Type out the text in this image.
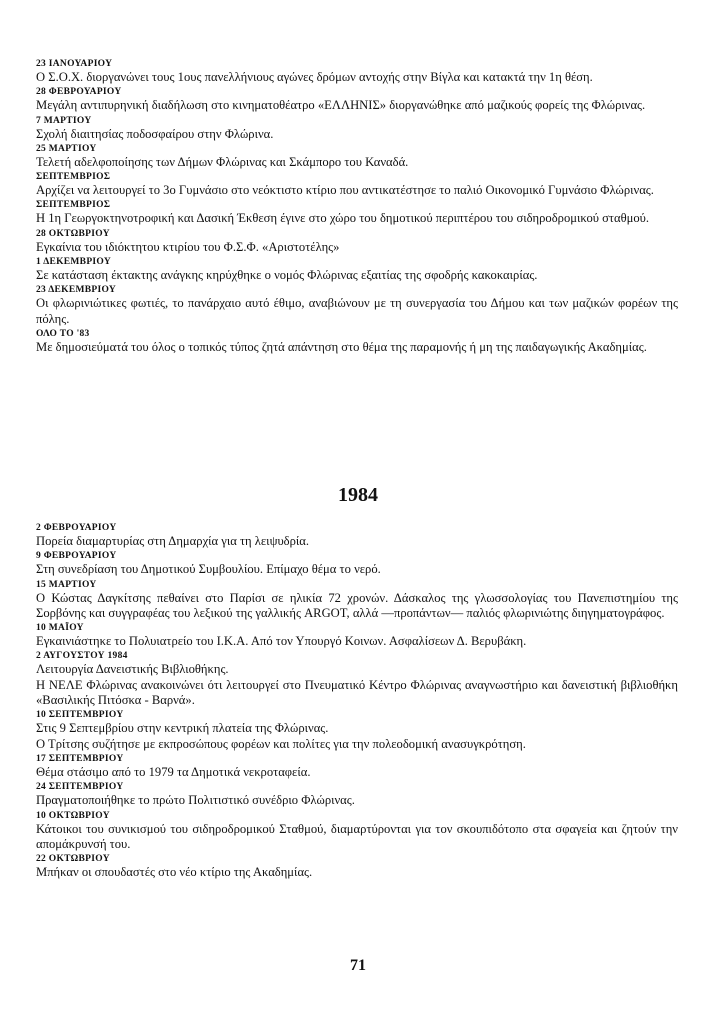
23 ΙΑΝΟΥΑΡΙΟΥ
Ο Σ.Ο.Χ. διοργανώνει τους 1ους πανελλήνιους αγώνες δρόμων αντοχής στην Βίγλα και κατακτά την 1η θέση.
28 ΦΕΒΡΟΥΑΡΙΟΥ
Μεγάλη αντιπυρηνική διαδήλωση στο κινηματοθέατρο «ΕΛΛΗΝΙΣ» διοργανώθηκε από μαζικούς φορείς της Φλώρινας.
7 ΜΑΡΤΙΟΥ
Σχολή διαιτησίας ποδοσφαίρου στην Φλώρινα.
25 ΜΑΡΤΙΟΥ
Τελετή αδελφοποίησης των Δήμων Φλώρινας και Σκάμπορο του Καναδά.
ΣΕΠΤΕΜΒΡΙΟΣ
Αρχίζει να λειτουργεί το 3ο Γυμνάσιο στο νεόκτιστο κτίριο που αντικατέστησε το παλιό Οικονομικό Γυμνάσιο Φλώρινας.
ΣΕΠΤΕΜΒΡΙΟΣ
Η 1η Γεωργοκτηνοτροφική και Δασική Έκθεση έγινε στο χώρο του δημοτικού περιπτέρου του σιδηροδρομικού σταθμού.
28 ΟΚΤΩΒΡΙΟΥ
Εγκαίνια του ιδιόκτητου κτιρίου του Φ.Σ.Φ. «Αριστοτέλης»
1 ΔΕΚΕΜΒΡΙΟΥ
Σε κατάσταση έκτακτης ανάγκης κηρύχθηκε ο νομός Φλώρινας εξαιτίας της σφοδρής κακοκαιρίας.
23 ΔΕΚΕΜΒΡΙΟΥ
Οι φλωρινιώτικες φωτιές, το πανάρχαιο αυτό έθιμο, αναβιώνουν με τη συνεργασία του Δήμου και των μαζικών φορέων της πόλης.
ΟΛΟ ΤΟ '83
Με δημοσιεύματά του όλος ο τοπικός τύπος ζητά απάντηση στο θέμα της παραμονής ή μη της παιδαγωγικής Ακαδημίας.
1984
2 ΦΕΒΡΟΥΑΡΙΟΥ
Πορεία διαμαρτυρίας στη Δημαρχία για τη λειψυδρία.
9 ΦΕΒΡΟΥΑΡΙΟΥ
Στη συνεδρίαση του Δημοτικού Συμβουλίου. Επίμαχο θέμα το νερό.
15 ΜΑΡΤΙΟΥ
Ο Κώστας Δαγκίτσης πεθαίνει στο Παρίσι σε ηλικία 72 χρονών. Δάσκαλος της γλωσσολογίας του Πανεπιστημίου της Σορβόνης και συγγραφέας του λεξικού της γαλλικής ARGOT, αλλά —προπάντων— παλιός φλωρινιώτης διηγηματογράφος.
10 ΜΑΪΟΥ
Εγκαινιάστηκε το Πολυιατρείο του Ι.Κ.Α. Από τον Υπουργό Κοινων. Ασφαλίσεων Δ. Βερυβάκη.
2 ΑΥΓΟΥΣΤΟΥ 1984
Λειτουργία Δανειστικής Βιβλιοθήκης.
Η ΝΕΛΕ Φλώρινας ανακοινώνει ότι λειτουργεί στο Πνευματικό Κέντρο Φλώρινας αναγνωστήριο και δανειστική βιβλιοθήκη «Βασιλικής Πιτόσκα - Βαρνά».
10 ΣΕΠΤΕΜΒΡΙΟΥ
Στις 9 Σεπτεμβρίου στην κεντρική πλατεία της Φλώρινας.
Ο Τρίτσης συζήτησε με εκπροσώπους φορέων και πολίτες για την πολεοδομική ανασυγκρότηση.
17 ΣΕΠΤΕΜΒΡΙΟΥ
Θέμα στάσιμο από το 1979 τα Δημοτικά νεκροταφεία.
24 ΣΕΠΤΕΜΒΡΙΟΥ
Πραγματοποιήθηκε το πρώτο Πολιτιστικό συνέδριο Φλώρινας.
10 ΟΚΤΩΒΡΙΟΥ
Κάτοικοι του συνικισμού του σιδηροδρομικού Σταθμού, διαμαρτύρονται για τον σκουπιδότοπο στα σφαγεία και ζητούν την απομάκρυνσή του.
22 ΟΚΤΩΒΡΙΟΥ
Μπήκαν οι σπουδαστές στο νέο κτίριο της Ακαδημίας.
71
